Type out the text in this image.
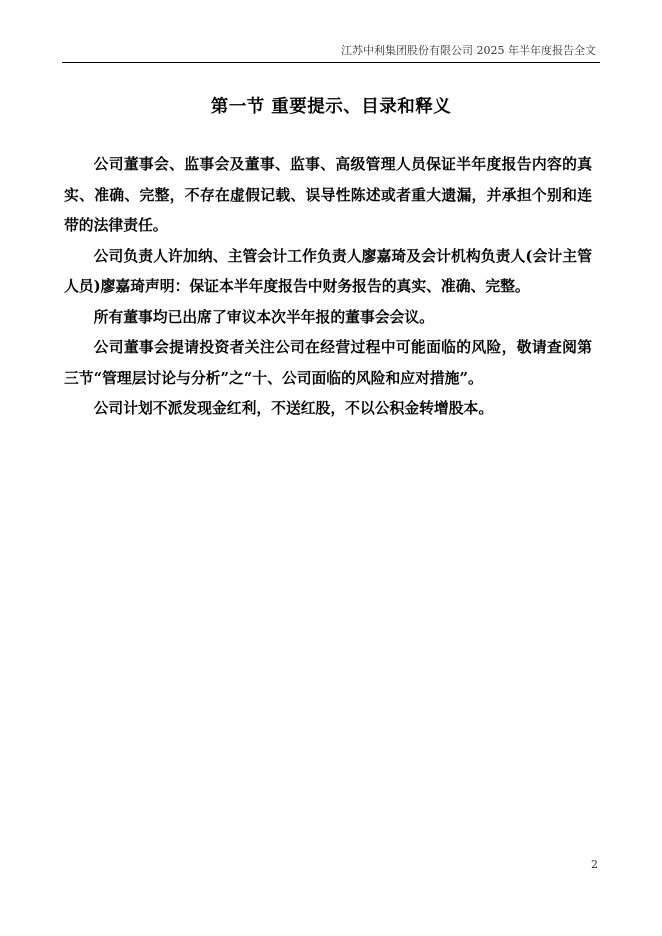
江苏中利集团股份有限公司 2025 年半年度报告全文
第一节 重要提示、目录和释义

公司董事会、监事会及董事、监事、高级管理人员保证半年度报告内容的真实、准确、完整，不存在虚假记载、误导性陈述或者重大遗漏，并承担个别和连带的法律责任。

公司负责人许加纳、主管会计工作负责人廖嘉琦及会计机构负责人(会计主管人员)廖嘉琦声明：保证本半年度报告中财务报告的真实、准确、完整。

所有董事均已出席了审议本次半年报的董事会会议。

公司董事会提请投资者关注公司在经营过程中可能面临的风险，敬请查阅第三节“管理层讨论与分析”之“十、公司面临的风险和应对措施”。

公司计划不派发现金红利，不送红股，不以公积金转增股本。

2
